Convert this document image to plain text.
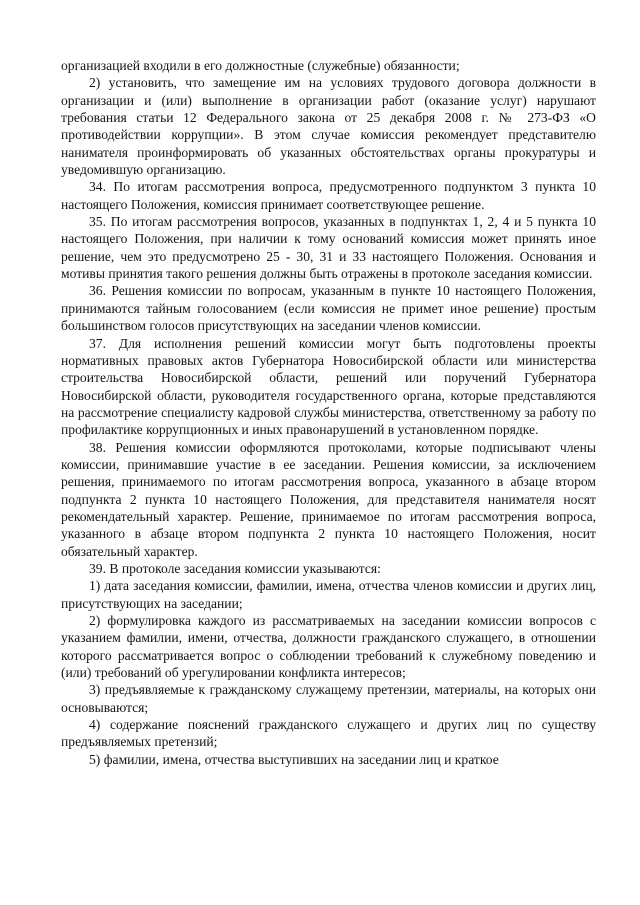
организацией входили в его должностные (служебные) обязанности;

2) установить, что замещение им на условиях трудового договора должности в организации и (или) выполнение в организации работ (оказание услуг) нарушают требования статьи 12 Федерального закона от 25 декабря 2008 г. № 273-ФЗ «О противодействии коррупции». В этом случае комиссия рекомендует представителю нанимателя проинформировать об указанных обстоятельствах органы прокуратуры и уведомившую организацию.

34. По итогам рассмотрения вопроса, предусмотренного подпунктом 3 пункта 10 настоящего Положения, комиссия принимает соответствующее решение.

35. По итогам рассмотрения вопросов, указанных в подпунктах 1, 2, 4 и 5 пункта 10 настоящего Положения, при наличии к тому оснований комиссия может принять иное решение, чем это предусмотрено 25 - 30, 31 и 33 настоящего Положения. Основания и мотивы принятия такого решения должны быть отражены в протоколе заседания комиссии.

36. Решения комиссии по вопросам, указанным в пункте 10 настоящего Положения, принимаются тайным голосованием (если комиссия не примет иное решение) простым большинством голосов присутствующих на заседании членов комиссии.

37. Для исполнения решений комиссии могут быть подготовлены проекты нормативных правовых актов Губернатора Новосибирской области или министерства строительства Новосибирской области, решений или поручений Губернатора Новосибирской области, руководителя государственного органа, которые представляются на рассмотрение специалисту кадровой службы министерства, ответственному за работу по профилактике коррупционных и иных правонарушений в установленном порядке.

38. Решения комиссии оформляются протоколами, которые подписывают члены комиссии, принимавшие участие в ее заседании. Решения комиссии, за исключением решения, принимаемого по итогам рассмотрения вопроса, указанного в абзаце втором подпункта 2 пункта 10 настоящего Положения, для представителя нанимателя носят рекомендательный характер. Решение, принимаемое по итогам рассмотрения вопроса, указанного в абзаце втором подпункта 2 пункта 10 настоящего Положения, носит обязательный характер.

39. В протоколе заседания комиссии указываются:

1) дата заседания комиссии, фамилии, имена, отчества членов комиссии и других лиц, присутствующих на заседании;

2) формулировка каждого из рассматриваемых на заседании комиссии вопросов с указанием фамилии, имени, отчества, должности гражданского служащего, в отношении которого рассматривается вопрос о соблюдении требований к служебному поведению и (или) требований об урегулировании конфликта интересов;

3) предъявляемые к гражданскому служащему претензии, материалы, на которых они основываются;

4) содержание пояснений гражданского служащего и других лиц по существу предъявляемых претензий;

5) фамилии, имена, отчества выступивших на заседании лиц и краткое
